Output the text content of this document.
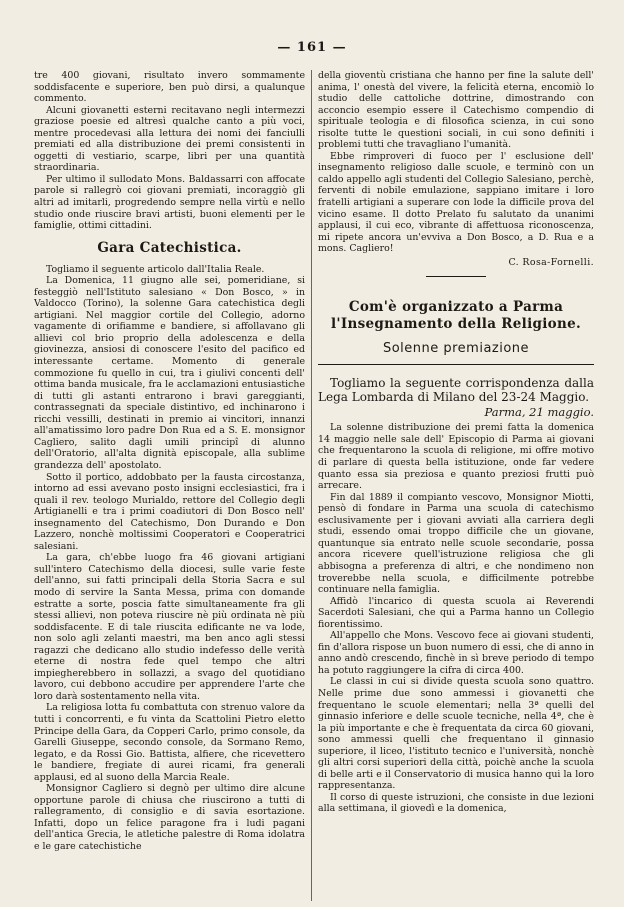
— 161 —

tre 400 giovani, risultato invero sommamente soddisfacente e superiore, ben può dirsi, a qualunque commento.

Alcuni giovanetti esterni recitavano negli intermezzi graziose poesie ed altresì qualche canto a più voci, mentre procedevasi alla lettura dei nomi dei fanciulli premiati ed alla distribuzione dei premi consistenti in oggetti di vestiario, scarpe, libri per una quantità straordinaria.

Per ultimo il sullodato Mons. Baldassarri con affocate parole si rallegrò coi giovani premiati, incoraggiò gli altri ad imitarli, progredendo sempre nella virtù e nello studio onde riuscire bravi artisti, buoni elementi per le famiglie, ottimi cittadini.

Gara Catechistica.

Togliamo il seguente articolo dall'Italia Reale.

La Domenica, 11 giugno alle sei, pomeridiane, si festeggiò nell'Istituto salesiano « Don Bosco, » in Valdocco (Torino), la solenne Gara catechistica degli artigiani. Nel maggior cortile del Collegio, adorno vagamente di orifiamme e bandiere, si affollavano gli allievi col brio proprio della adolescenza e della giovinezza, ansiosi di conoscere l'esito del pacifico ed interessante certame. Momento di generale commozione fu quello in cui, tra i giulivi concenti dell' ottima banda musicale, fra le acclamazioni entusiastiche di tutti gli astanti entrarono i bravi gareggianti, contrassegnati da speciale distintivo, ed inchinarono i ricchi vessilli, destinati in premio ai vincitori, innanzi all'amatissimo loro padre Don Rua ed a S. E. monsignor Cagliero, salito dagli umili principî di alunno dell'Oratorio, all'alta dignità episcopale, alla sublime grandezza dell' apostolato.

Sotto il portico, addobbato per la fausta circostanza, intorno ad essi avevano posto insigni ecclesiastici, fra i quali il rev. teologo Murialdo, rettore del Collegio degli Artigianelli e tra i primi coadiutori di Don Bosco nell' insegnamento del Catechismo, Don Durando e Don Lazzero, nonchè moltissimi Cooperatori e Cooperatrici salesiani.

La gara, ch'ebbe luogo fra 46 giovani artigiani sull'intero Catechismo della diocesi, sulle varie feste dell'anno, sui fatti principali della Storia Sacra e sul modo di servire la Santa Messa, prima con domande estratte a sorte, poscia fatte simultaneamente fra gli stessi allievi, non poteva riuscire nè più ordinata nè più soddisfacente. E di tale riuscita edificante ne va lode, non solo agli zelanti maestri, ma ben anco agli stessi ragazzi che dedicano allo studio indefesso delle verità eterne di nostra fede quel tempo che altri impiegherebbero in sollazzi, a svago del quotidiano lavoro, cui debbono accudire per apprendere l'arte che loro darà sostentamento nella vita.

La religiosa lotta fu combattuta con strenuo valore da tutti i concorrenti, e fu vinta da Scattolini Pietro eletto Principe della Gara, da Copperi Carlo, primo console, da Garelli Giuseppe, secondo console, da Sormano Remo, legato, e da Rossi Gio. Battista, alfiere, che ricevettero le bandiere, fregiate di aurei ricami, fra generali applausi, ed al suono della Marcia Reale.

Monsignor Cagliero si degnò per ultimo dire alcune opportune parole di chiusa che riuscirono a tutti di rallegramento, di consiglio e di savia esortazione. Infatti, dopo un felice paragone fra i ludi pagani dell'antica Grecia, le atletiche palestre di Roma idolatra e le gare catechistiche

della gioventù cristiana che hanno per fine la salute dell' anima, l' onestà del vivere, la felicità eterna, encomiò lo studio delle cattoliche dottrine, dimostrando con acconcio esempio essere il Catechismo compendio di spirituale teologia e di filosofica scienza, in cui sono risolte tutte le questioni sociali, in cui sono definiti i problemi tutti che travagliano l'umanità.

Ebbe rimproveri di fuoco per l' esclusione dell' insegnamento religioso dalle scuole, e terminò con un caldo appello agli studenti del Collegio Salesiano, perchè, ferventi di nobile emulazione, sappiano imitare i loro fratelli artigiani a superare con lode la difficile prova del vicino esame. Il dotto Prelato fu salutato da unanimi applausi, il cui eco, vibrante di affettuosa riconoscenza, mi ripete ancora un'evviva a Don Bosco, a D. Rua e a mons. Cagliero!

C. Rosa-Fornelli.
Com'è organizzato a Parma l'Insegnamento della Religione.
Solenne premiazione

Togliamo la seguente corrispondenza dalla Lega Lombarda di Milano del 23-24 Maggio.

Parma, 21 maggio.

La solenne distribuzione dei premi fatta la domenica 14 maggio nelle sale dell' Episcopio di Parma ai giovani che frequentarono la scuola di religione, mi offre motivo di parlare di questa bella istituzione, onde far vedere quanto essa sia preziosa e quanto preziosi frutti può arrecare.

Fin dal 1889 il compianto vescovo, Monsignor Miotti, pensò di fondare in Parma una scuola di catechismo esclusivamente per i giovani avviati alla carriera degli studi, essendo omai troppo difficile che un giovane, quantunque sia entrato nelle scuole secondarie, possa ancora ricevere quell'istruzione religiosa che gli abbisogna a preferenza di altri, e che nondimeno non troverebbe nella scuola, e difficilmente potrebbe continuare nella famiglia.

Affidò l'incarico di questa scuola ai Reverendi Sacerdoti Salesiani, che qui a Parma hanno un Collegio fiorentissimo.

All'appello che Mons. Vescovo fece ai giovani studenti, fin d'allora rispose un buon numero di essi, che di anno in anno andò crescendo, finchè in sì breve periodo di tempo ha potuto raggiungere la cifra di circa 400.

Le classi in cui si divide questa scuola sono quattro. Nelle prime due sono ammessi i giovanetti che frequentano le scuole elementari; nella 3ª quelli del ginnasio inferiore e delle scuole tecniche, nella 4ª, che è la più importante e che è frequentata da circa 60 giovani, sono ammessi quelli che frequentano il ginnasio superiore, il liceo, l'istituto tecnico e l'università, nonchè gli altri corsi superiori della città, poichè anche la scuola di belle arti e il Conservatorio di musica hanno qui la loro rappresentanza.

Il corso di queste istruzioni, che consiste in due lezioni alla settimana, il giovedì e la domenica,
